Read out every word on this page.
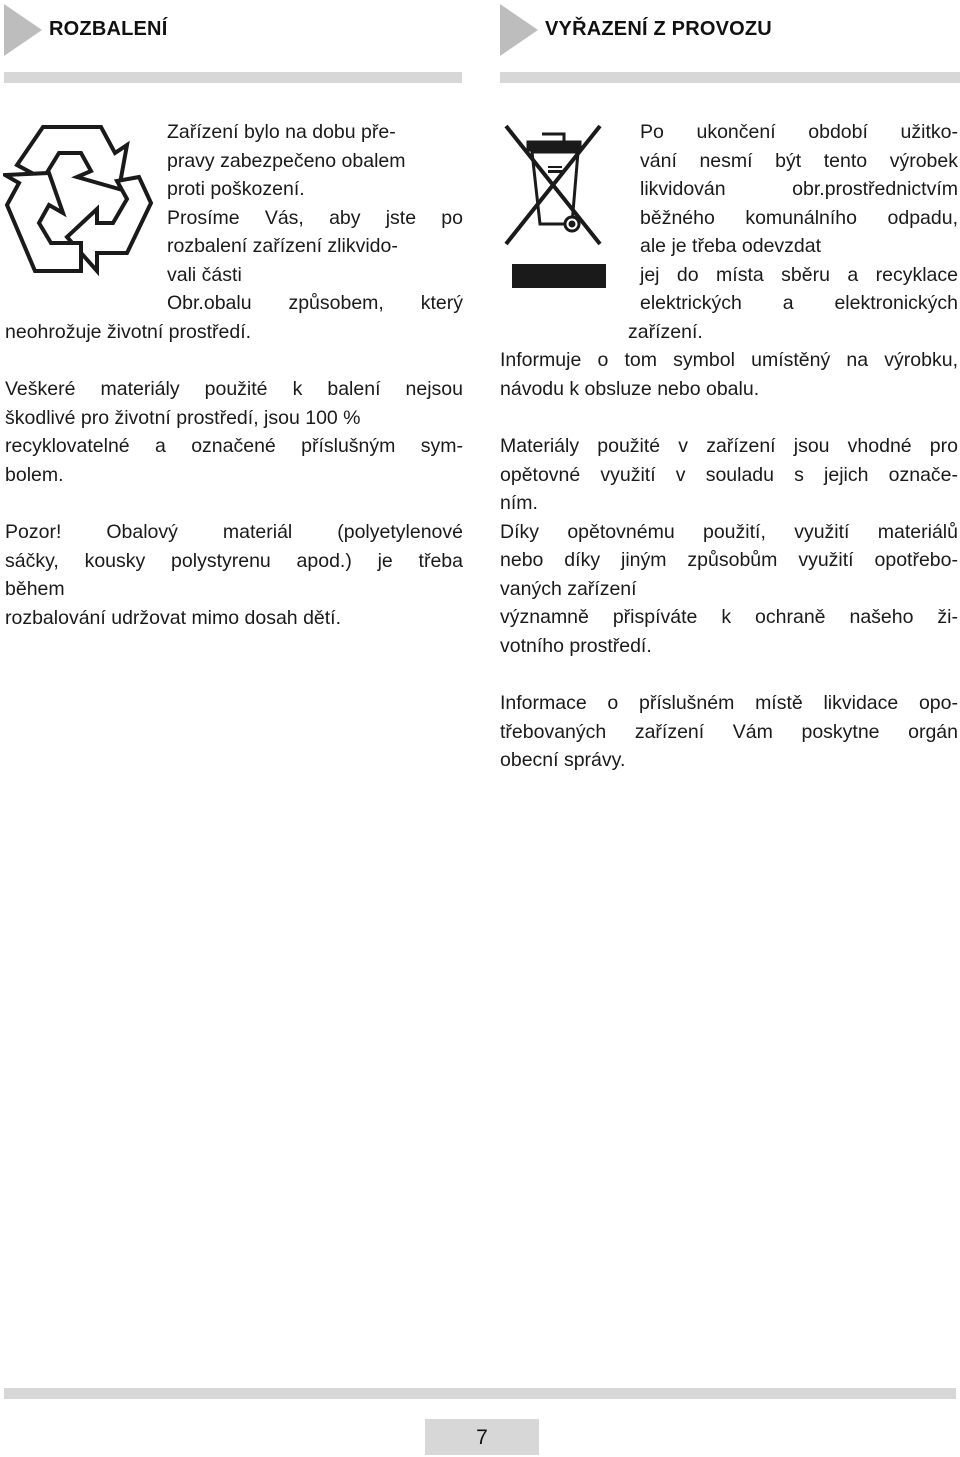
ROZBALENÍ	VYŘAZENÍ Z PROVOZU

Zařízení bylo na dobu pře-

pravy zabezpečeno obalem

proti poškození.

Prosíme Vás, aby jste po

rozbalení zařízení zlikvido-

vali části

Obr.obalu způsobem, který

neohrožuje životní prostředí.

Veškeré materiály použité k balení nejsou

škodlivé pro životní prostředí, jsou 100 %

recyklovatelné a označené příslušným sym-

bolem.

Pozor! Obalový materiál (polyetylenové

sáčky, kousky polystyrenu apod.) je třeba

během

rozbalování udržovat mimo dosah dětí.

Po ukončení období užitko-

vání nesmí být tento výrobek

likvidován obr.prostřednictvím

běžného komunálního odpadu,

ale je třeba odevzdat

jej do místa sběru a recyklace

elektrických a elektronických

zařízení.

Informuje o tom symbol umístěný na výrobku,

návodu k obsluze nebo obalu.

Materiály použité v zařízení jsou vhodné pro

opětovné využití v souladu s jejich označe-

ním.

Díky opětovnému použití, využití materiálů

nebo díky jiným způsobům využití opotřebo-

vaných zařízení

významně přispíváte k ochraně našeho ži-

votního prostředí.

Informace o příslušném místě likvidace opo-

třebovaných zařízení Vám poskytne orgán

obecní správy.

7
